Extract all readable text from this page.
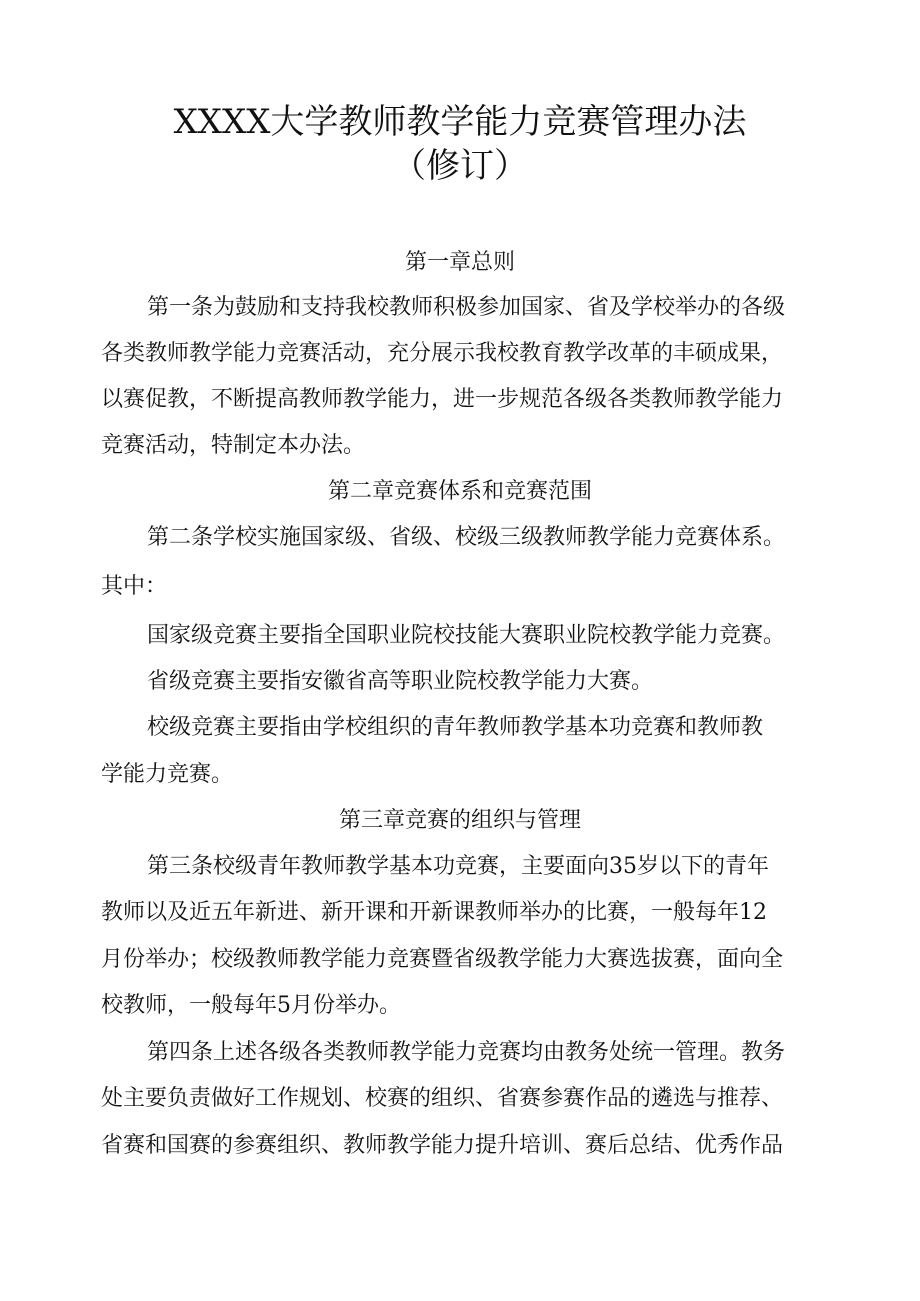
XXXX大学教师教学能力竞赛管理办法
（修订）
第一章总则
第一条为鼓励和支持我校教师积极参加国家、省及学校举办的各级
各类教师教学能力竞赛活动，充分展示我校教育教学改革的丰硕成果，
以赛促教，不断提高教师教学能力，进一步规范各级各类教师教学能力
竞赛活动，特制定本办法。
第二章竞赛体系和竞赛范围
第二条学校实施国家级、省级、校级三级教师教学能力竞赛体系。
其中：
国家级竞赛主要指全国职业院校技能大赛职业院校教学能力竞赛。
省级竞赛主要指安徽省高等职业院校教学能力大赛。
校级竞赛主要指由学校组织的青年教师教学基本功竞赛和教师教
学能力竞赛。
第三章竞赛的组织与管理
第三条校级青年教师教学基本功竞赛，主要面向35岁以下的青年
教师以及近五年新进、新开课和开新课教师举办的比赛，一般每年12
月份举办；校级教师教学能力竞赛暨省级教学能力大赛选拔赛，面向全
校教师，一般每年5月份举办。
第四条上述各级各类教师教学能力竞赛均由教务处统一管理。教务
处主要负责做好工作规划、校赛的组织、省赛参赛作品的遴选与推荐、
省赛和国赛的参赛组织、教师教学能力提升培训、赛后总结、优秀作品
